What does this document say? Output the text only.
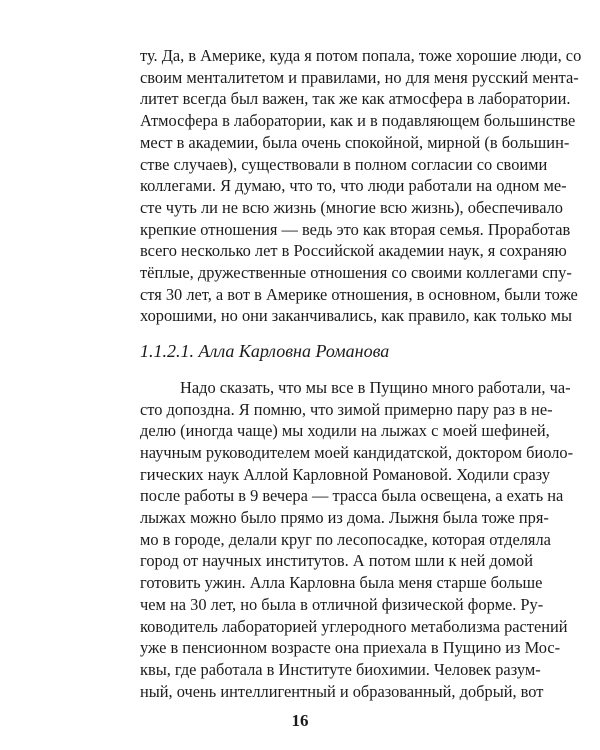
ту. Да, в Америке, куда я потом попала, тоже хорошие люди, со
своим менталитетом и правилами, но для меня русский мента-
литет всегда был важен, так же как атмосфера в лаборатории.
Атмосфера в лаборатории, как и в подавляющем большинстве
мест в академии, была очень спокойной, мирной (в большин-
стве случаев), существовали в полном согласии со своими
коллегами. Я думаю, что то, что люди работали на одном ме-
сте чуть ли не всю жизнь (многие всю жизнь), обеспечивало
крепкие отношения — ведь это как вторая семья. Проработав
всего несколько лет в Российской академии наук, я сохраняю
тёплые, дружественные отношения со своими коллегами спу-
стя 30 лет, а вот в Америке отношения, в основном, были тоже
хорошими, но они заканчивались, как правило, как только мы
1.1.2.1. Алла Карловна Романова
Надо сказать, что мы все в Пущино много работали, ча-
сто допоздна. Я помню, что зимой примерно пару раз в не-
делю (иногда чаще) мы ходили на лыжах с моей шефиней,
научным руководителем моей кандидатской, доктором биоло-
гических наук Аллой Карловной Романовой. Ходили сразу
после работы в 9 вечера — трасса была освещена, а ехать на
лыжах можно было прямо из дома. Лыжня была тоже пря-
мо в городе, делали круг по лесопосадке, которая отделяла
город от научных институтов. А потом шли к ней домой
готовить ужин. Алла Карловна была меня старше больше
чем на 30 лет, но была в отличной физической форме. Ру-
ководитель лабораторией углеродного метаболизма растений
уже в пенсионном возрасте она приехала в Пущино из Мос-
квы, где работала в Институте биохимии. Человек разум-
ный, очень интеллигентный и образованный, добрый, вот
16
